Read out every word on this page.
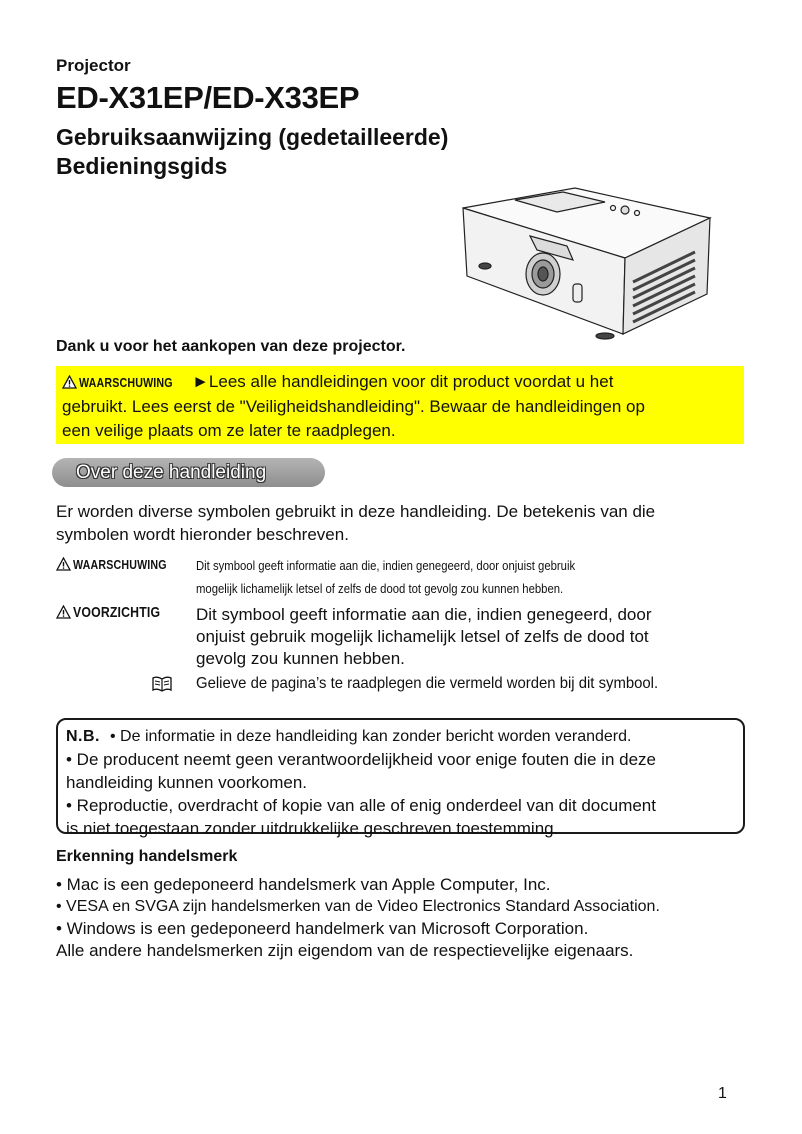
Projector
ED-X31EP/ED-X33EP
Gebruiksaanwijzing (gedetailleerde)
Bedieningsgids
Dank u voor het aankopen van deze projector.
WAARSCHUWING ►Lees alle handleidingen voor dit product voordat u het
gebruikt. Lees eerst de "Veiligheidshandleiding". Bewaar de handleidingen op
een veilige plaats om ze later te raadplegen.
Over deze handleiding
Er worden diverse symbolen gebruikt in deze handleiding. De betekenis van die
symbolen wordt hieronder beschreven.
WAARSCHUWING	Dit symbool geeft informatie aan die, indien genegeerd, door onjuist gebruik
mogelijk lichamelijk letsel of zelfs de dood tot gevolg zou kunnen hebben.
VOORZICHTIG	Dit symbool geeft informatie aan die, indien genegeerd, door
onjuist gebruik mogelijk lichamelijk letsel of zelfs de dood tot
gevolg zou kunnen hebben.
Gelieve de pagina’s te raadplegen die vermeld worden bij dit symbool.
N.B. • De informatie in deze handleiding kan zonder bericht worden veranderd.
• De producent neemt geen verantwoordelijkheid voor enige fouten die in deze
handleiding kunnen voorkomen.
• Reproductie, overdracht of kopie van alle of enig onderdeel van dit document
is niet toegestaan zonder uitdrukkelijke geschreven toestemming.
Erkenning handelsmerk
• Mac is een gedeponeerd handelsmerk van Apple Computer, Inc.
• VESA en SVGA zijn handelsmerken van de Video Electronics Standard Association.
• Windows is een gedeponeerd handelmerk van Microsoft Corporation.
Alle andere handelsmerken zijn eigendom van de respectievelijke eigenaars.
1
